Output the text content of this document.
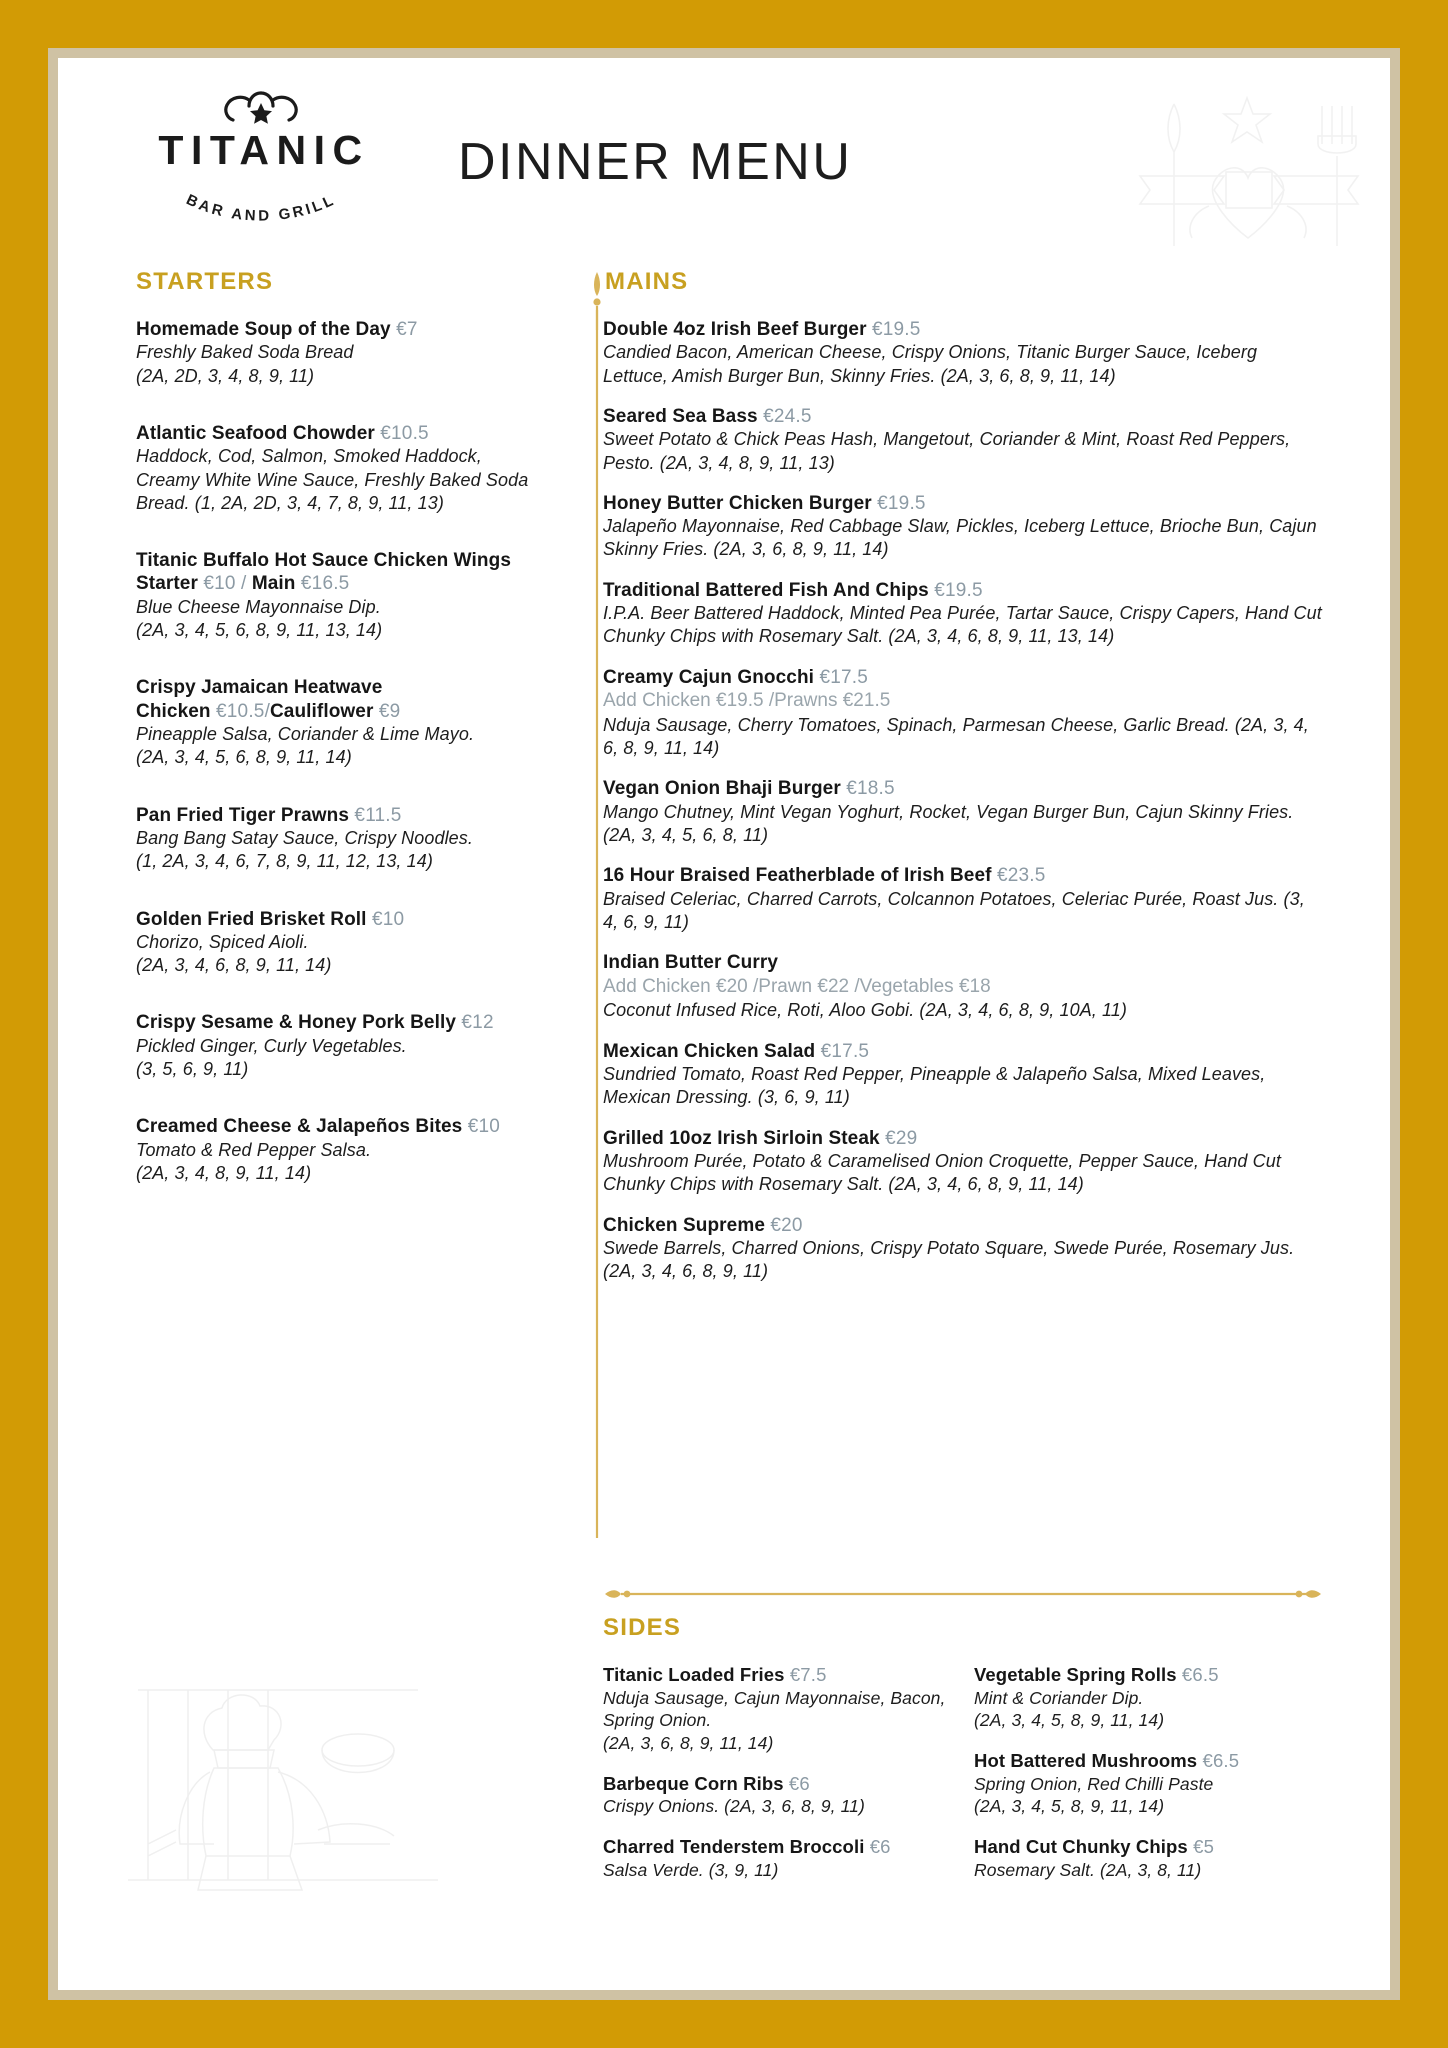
TITANIC
BAR AND GRILL
DINNER MENU
STARTERS
Homemade Soup of the Day €7
Freshly Baked Soda Bread
(2A, 2D, 3, 4, 8, 9, 11)
Atlantic Seafood Chowder €10.5
Haddock, Cod, Salmon, Smoked Haddock, Creamy White Wine Sauce, Freshly Baked Soda Bread. (1, 2A, 2D, 3, 4, 7, 8, 9, 11, 13)
Titanic Buffalo Hot Sauce Chicken Wings
Starter €10 / Main €16.5
Blue Cheese Mayonnaise Dip.
(2A, 3, 4, 5, 6, 8, 9, 11, 13, 14)
Crispy Jamaican Heatwave
Chicken €10.5/Cauliflower €9
Pineapple Salsa, Coriander & Lime Mayo.
(2A, 3, 4, 5, 6, 8, 9, 11, 14)
Pan Fried Tiger Prawns €11.5
Bang Bang Satay Sauce, Crispy Noodles.
(1, 2A, 3, 4, 6, 7, 8, 9, 11, 12, 13, 14)
Golden Fried Brisket Roll €10
Chorizo, Spiced Aioli.
(2A, 3, 4, 6, 8, 9, 11, 14)
Crispy Sesame & Honey Pork Belly €12
Pickled Ginger, Curly Vegetables.
(3, 5, 6, 9, 11)
Creamed Cheese & Jalapeños Bites €10
Tomato & Red Pepper Salsa.
(2A, 3, 4, 8, 9, 11, 14)
MAINS
Double 4oz Irish Beef Burger €19.5
Candied Bacon, American Cheese, Crispy Onions, Titanic Burger Sauce, Iceberg Lettuce, Amish Burger Bun, Skinny Fries. (2A, 3, 6, 8, 9, 11, 14)
Seared Sea Bass €24.5
Sweet Potato & Chick Peas Hash, Mangetout, Coriander & Mint, Roast Red Peppers, Pesto. (2A, 3, 4, 8, 9, 11, 13)
Honey Butter Chicken Burger €19.5
Jalapeño Mayonnaise, Red Cabbage Slaw, Pickles, Iceberg Lettuce, Brioche Bun, Cajun Skinny Fries. (2A, 3, 6, 8, 9, 11, 14)
Traditional Battered Fish And Chips €19.5
I.P.A. Beer Battered Haddock, Minted Pea Purée, Tartar Sauce, Crispy Capers, Hand Cut Chunky Chips with Rosemary Salt. (2A, 3, 4, 6, 8, 9, 11, 13, 14)
Creamy Cajun Gnocchi €17.5
Add Chicken €19.5 /Prawns €21.5
Nduja Sausage, Cherry Tomatoes, Spinach, Parmesan Cheese, Garlic Bread. (2A, 3, 4, 6, 8, 9, 11, 14)
Vegan Onion Bhaji Burger €18.5
Mango Chutney, Mint Vegan Yoghurt, Rocket, Vegan Burger Bun, Cajun Skinny Fries. (2A, 3, 4, 5, 6, 8, 11)
16 Hour Braised Featherblade of Irish Beef €23.5
Braised Celeriac, Charred Carrots, Colcannon Potatoes, Celeriac Purée, Roast Jus. (3, 4, 6, 9, 11)
Indian Butter Curry
Add Chicken €20 /Prawn €22 /Vegetables €18
Coconut Infused Rice, Roti, Aloo Gobi. (2A, 3, 4, 6, 8, 9, 10A, 11)
Mexican Chicken Salad €17.5
Sundried Tomato, Roast Red Pepper, Pineapple & Jalapeño Salsa, Mixed Leaves, Mexican Dressing. (3, 6, 9, 11)
Grilled 10oz Irish Sirloin Steak €29
Mushroom Purée, Potato & Caramelised Onion Croquette, Pepper Sauce, Hand Cut Chunky Chips with Rosemary Salt. (2A, 3, 4, 6, 8, 9, 11, 14)
Chicken Supreme €20
Swede Barrels, Charred Onions, Crispy Potato Square, Swede Purée, Rosemary Jus. (2A, 3, 4, 6, 8, 9, 11)
SIDES
Titanic Loaded Fries €7.5
Nduja Sausage, Cajun Mayonnaise, Bacon, Spring Onion.
(2A, 3, 6, 8, 9, 11, 14)
Barbeque Corn Ribs €6
Crispy Onions. (2A, 3, 6, 8, 9, 11)
Charred Tenderstem Broccoli €6
Salsa Verde. (3, 9, 11)
Vegetable Spring Rolls €6.5
Mint & Coriander Dip.
(2A, 3, 4, 5, 8, 9, 11, 14)
Hot Battered Mushrooms €6.5
Spring Onion, Red Chilli Paste
(2A, 3, 4, 5, 8, 9, 11, 14)
Hand Cut Chunky Chips €5
Rosemary Salt. (2A, 3, 8, 11)
